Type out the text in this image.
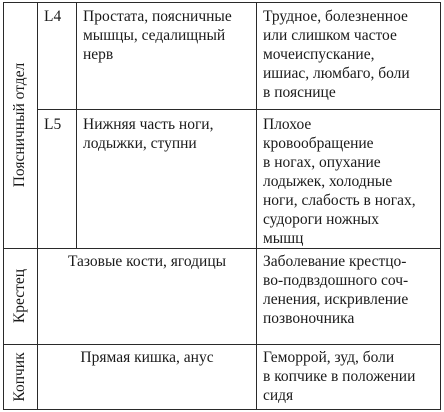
Поясничный отдел
Крестец
Копчик
L4 Простата, поясничные
мышцы, седалищный
нерв
Трудное, болезненное
или слишком частое
мочеиспускание,
ишиас, люмбаго, боли
в пояснице
L5 Нижняя часть ноги,
лодыжки, ступни
Плохое
кровообращение
в ногах, опухание
лодыжек, холодные
ноги, слабость в ногах,
судороги ножных
мышц
Тазовые кости, ягодицы	Заболевание крестцо-
во-подвздошного соч-
ленения, искривление
позвоночника
Прямая кишка, анус	Геморрой, зуд, боли
в копчике в положении
сидя
